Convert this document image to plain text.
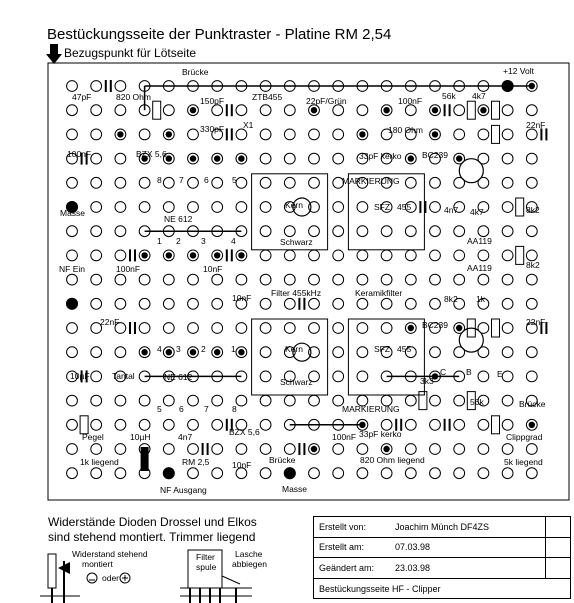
Bestückungsseite der Punktraster - Platine RM 2,54
Bezugspunkt für Lötseite
Brücke	+12 Volt
47pF	820 Ohm	150pF	ZTB455	22pF/Grün	100nF 56k 4k7
330pF X1	180 Ohm	22nF
100nF	BZX 5,6	33pF kerko BC239
MARKIERUNG
8 7 6	5
Kern	SFZ 455	4n7 4k7	8k2
Masse
NE 612
Schwarz
1 2 3	4	AA119
NF Ein	100nF	10nF	AA119	8k2
Filter 455kHz	Keramikfilter
10nF	8k2 1k
22nF	22nF
BC239
4 3 2	1	Kern	SFZ 455
C B	E
10µF	Tantal	NE 612	Schwarz	3k3
56k	Brücke
5 6 7	8	MARKIERUNG
BZX 5,6	100nF 33pF kerko
Pegel	10µH	4n7	Clippgrad
RM 2,5	Brücke	820 Ohm liegend
1k liegend	10nF	5k liegend
NF Ausgang	Masse
Widerstände Dioden Drossel und Elkos
sind stehend montiert. Trimmer liegend
Widerstand stehend
montiert
oder
Filter
spule
Lasche
abbiegen
Erstellt von:	Joachim Münch DF4ZS
Erstellt am:	07.03.98
Geändert am:	23.03.98
Bestückungsseite HF - Clipper
